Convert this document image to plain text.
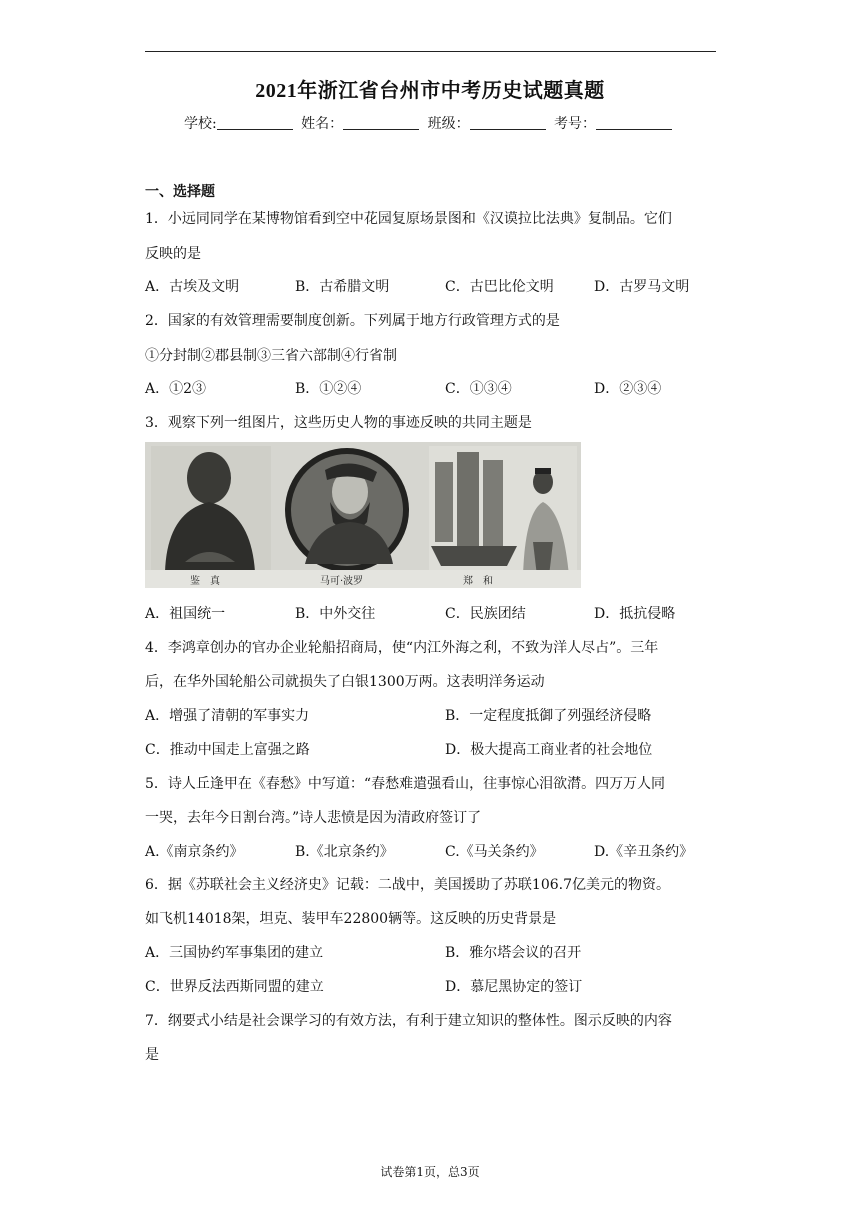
2021年浙江省台州市中考历史试题真题
学校:	姓名：	班级：	考号：
一、选择题
1．小远同同学在某博物馆看到空中花园复原场景图和《汉谟拉比法典》复制品。它们
反映的是
A．古埃及文明	B．古希腊文明	C．古巴比伦文明	D．古罗马文明
2．国家的有效管理需要制度创新。下列属于地方行政管理方式的是
①分封制②郡县制③三省六部制④行省制
A．①2③	B．①②④	C．①③④	D．②③④
3．观察下列一组图片，这些历史人物的事迹反映的共同主题是
鉴　真	马可·波罗	郑　和
A．祖国统一	B．中外交往	C．民族团结	D．抵抗侵略
4．李鸿章创办的官办企业轮船招商局，使“内江外海之利，不致为洋人尽占”。三年
后，在华外国轮船公司就损失了白银1300万两。这表明洋务运动
A．增强了清朝的军事实力	B．一定程度抵御了列强经济侵略
C．推动中国走上富强之路	D．极大提高工商业者的社会地位
5．诗人丘逢甲在《春愁》中写道：“春愁难遣强看山，往事惊心泪欲潸。四万万人同
一哭，去年今日割台湾。”诗人悲愤是因为清政府签订了
A.《南京条约》	B.《北京条约》	C.《马关条约》	D.《辛丑条约》
6．据《苏联社会主义经济史》记载：二战中，美国援助了苏联106.7亿美元的物资。
如飞机14018架，坦克、装甲车22800辆等。这反映的历史背景是
A．三国协约军事集团的建立	B．雅尔塔会议的召开
C．世界反法西斯同盟的建立	D．慕尼黑协定的签订
7．纲要式小结是社会课学习的有效方法，有利于建立知识的整体性。图示反映的内容
是
试卷第1页，总3页
